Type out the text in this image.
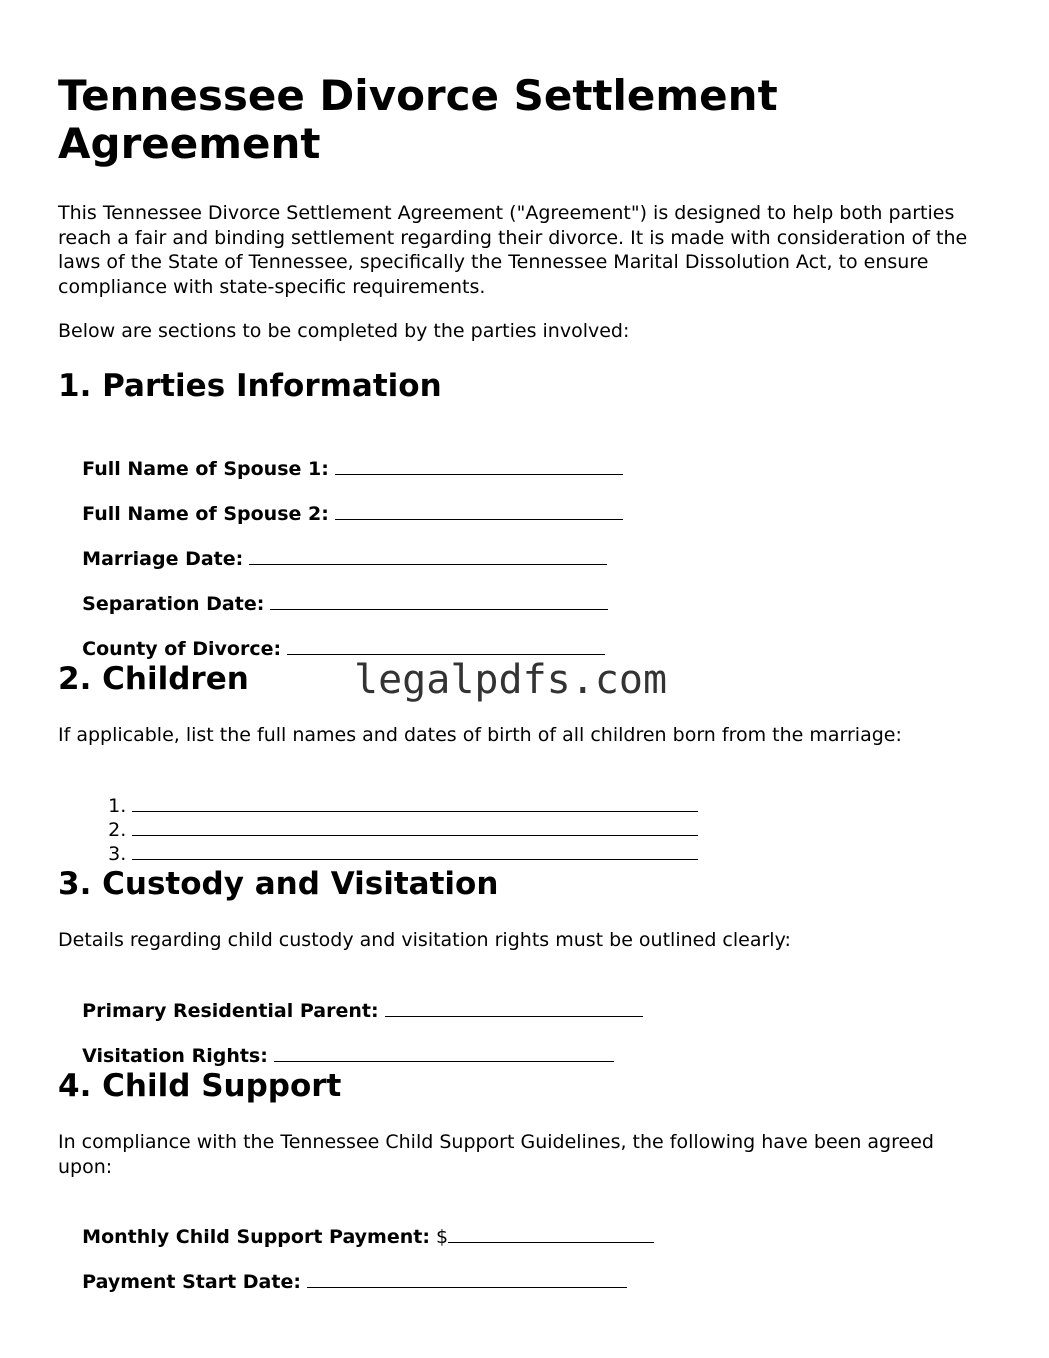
Tennessee Divorce Settlement Agreement

This Tennessee Divorce Settlement Agreement ("Agreement") is designed to help both parties reach a fair and binding settlement regarding their divorce. It is made with consideration of the laws of the State of Tennessee, specifically the Tennessee Marital Dissolution Act, to ensure compliance with state-specific requirements.

Below are sections to be completed by the parties involved:

1. Parties Information

Full Name of Spouse 1:

Full Name of Spouse 2:

Marriage Date:

Separation Date:

County of Divorce:

2. Children

If applicable, list the full names and dates of birth of all children born from the marriage:

1.

2.

3.

3. Custody and Visitation

Details regarding child custody and visitation rights must be outlined clearly:

Primary Residential Parent:

Visitation Rights:

4. Child Support

In compliance with the Tennessee Child Support Guidelines, the following have been agreed upon:

Monthly Child Support Payment: $

Payment Start Date:

legalpdfs.com
